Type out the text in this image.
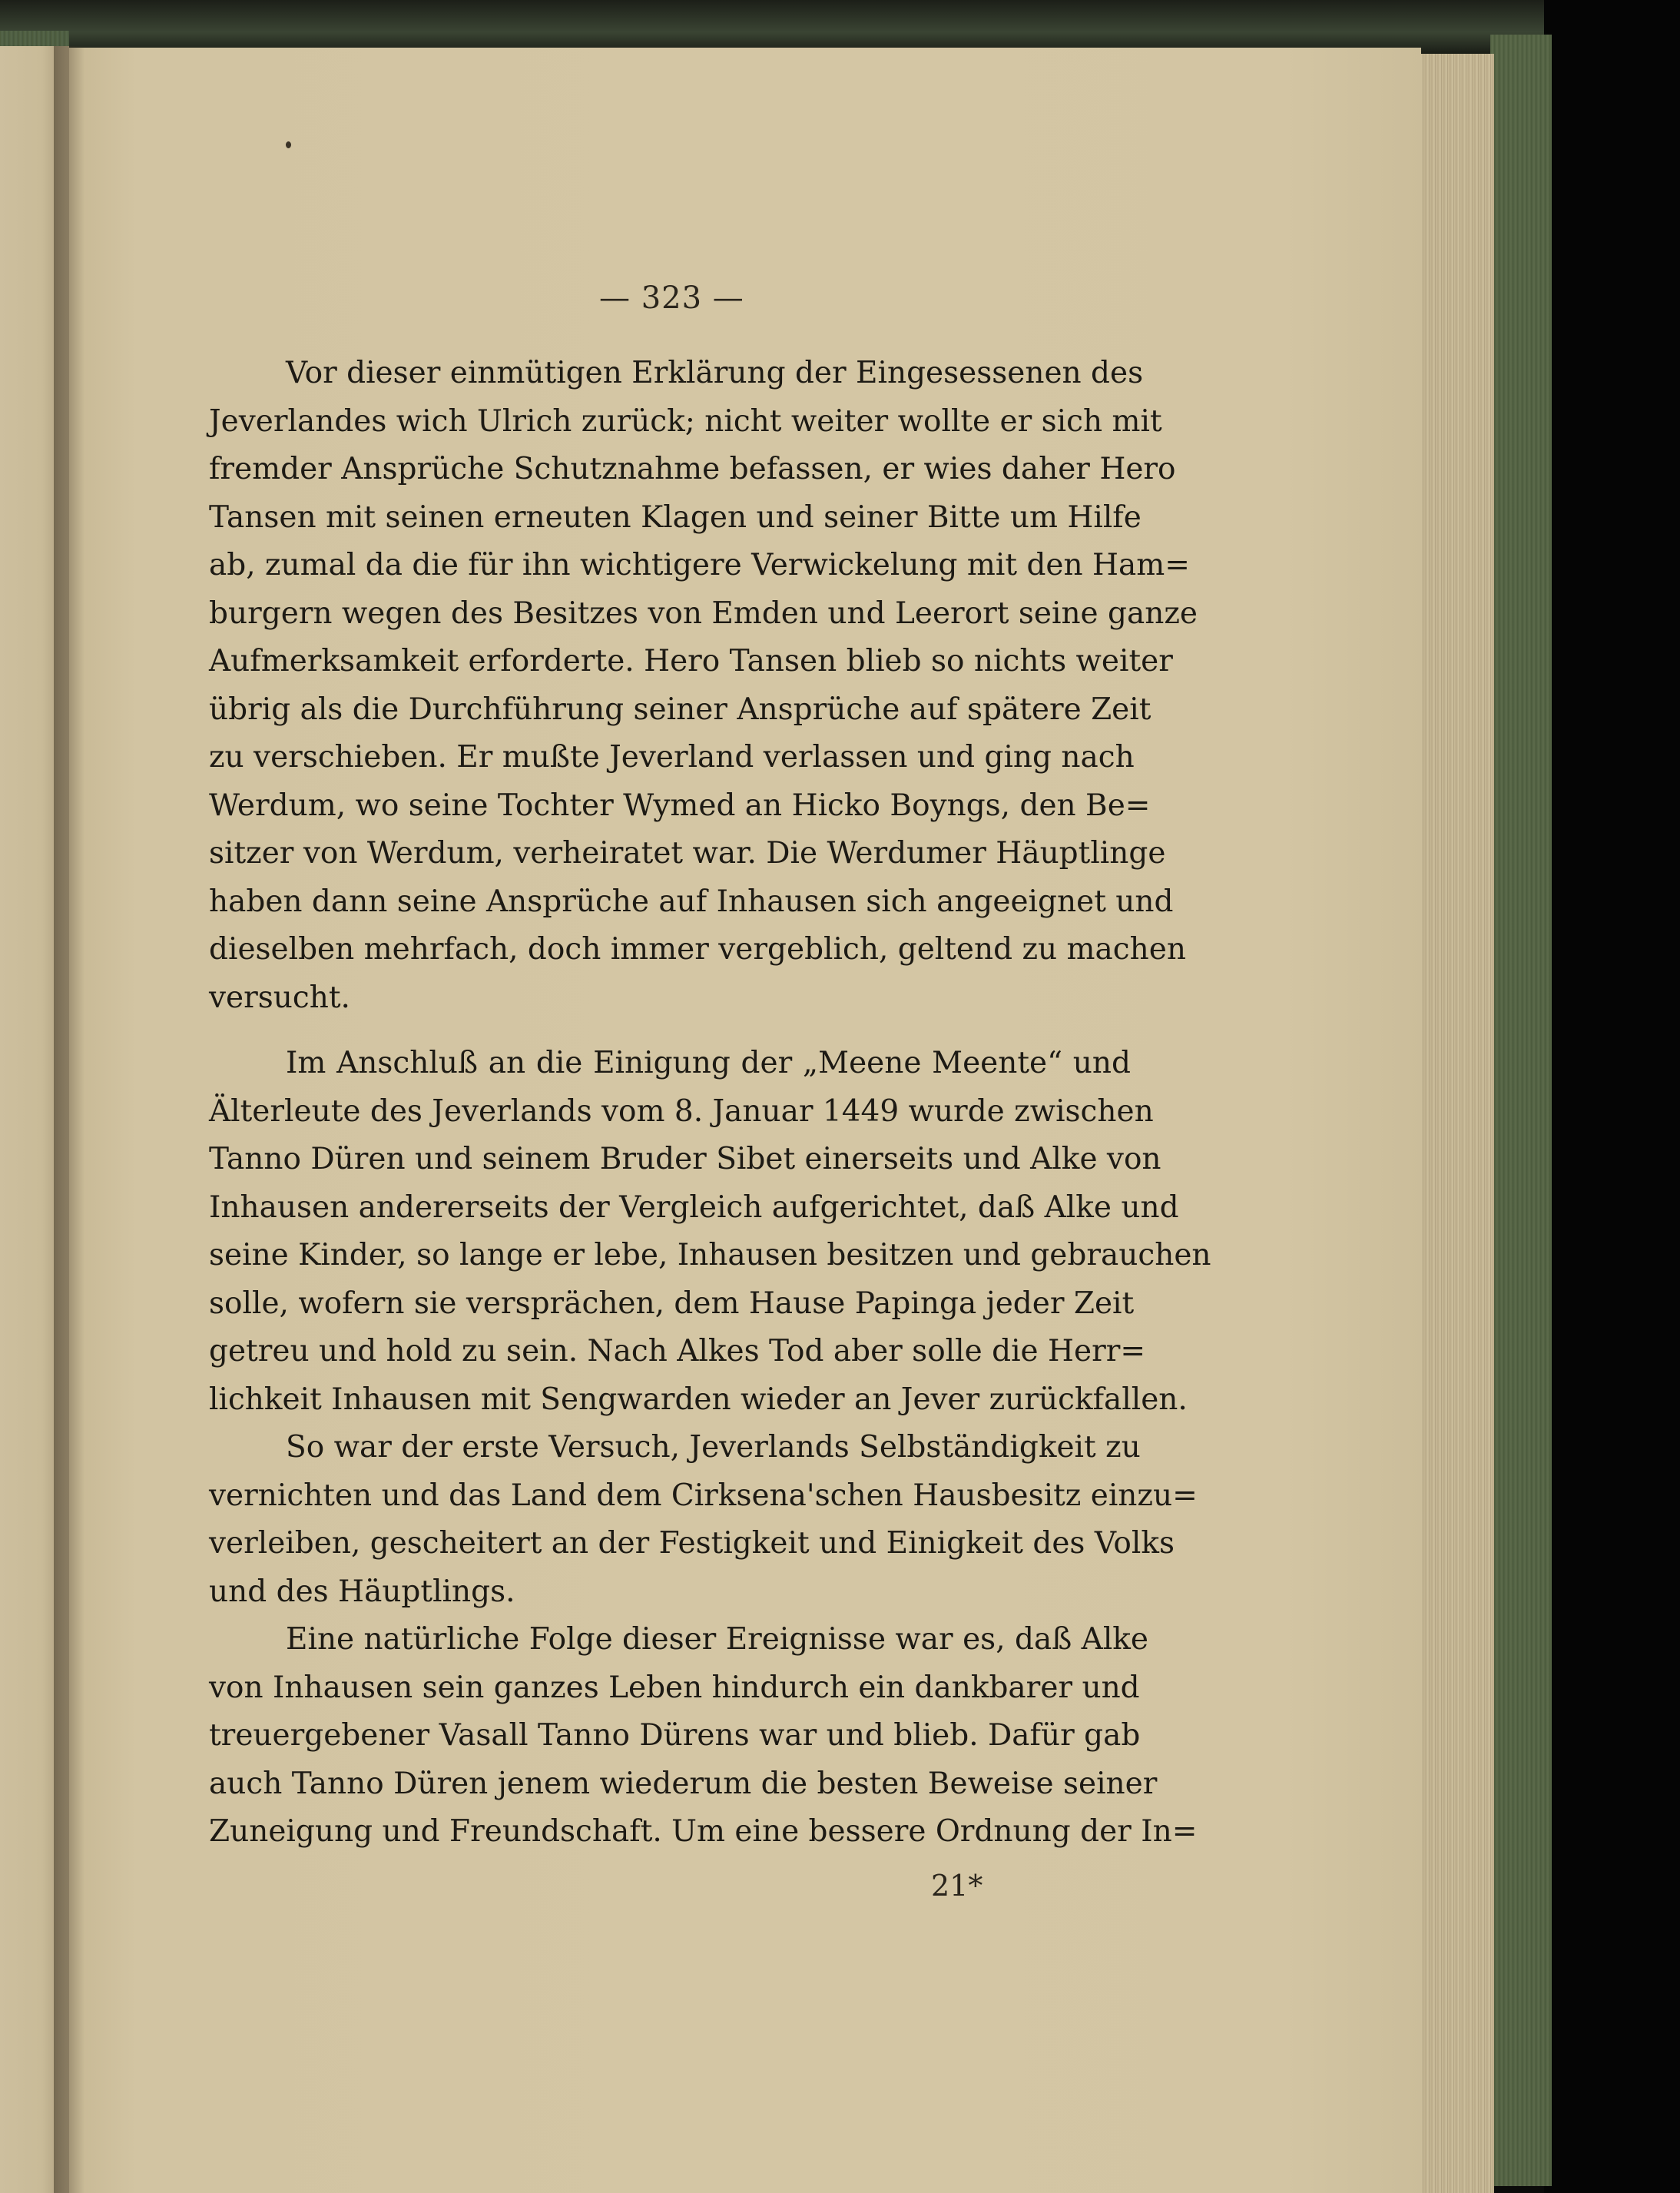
— 323 —
Vor dieser einmütigen Erklärung der Eingesessenen des
Jeverlandes wich Ulrich zurück; nicht weiter wollte er sich mit
fremder Ansprüche Schutznahme befassen, er wies daher Hero
Tansen mit seinen erneuten Klagen und seiner Bitte um Hilfe
ab, zumal da die für ihn wichtigere Verwickelung mit den Ham=
burgern wegen des Besitzes von Emden und Leerort seine ganze
Aufmerksamkeit erforderte. Hero Tansen blieb so nichts weiter
übrig als die Durchführung seiner Ansprüche auf spätere Zeit
zu verschieben. Er mußte Jeverland verlassen und ging nach
Werdum, wo seine Tochter Wymed an Hicko Boyngs, den Be=
sitzer von Werdum, verheiratet war. Die Werdumer Häuptlinge
haben dann seine Ansprüche auf Inhausen sich angeeignet und
dieselben mehrfach, doch immer vergeblich, geltend zu machen
versucht.
Im Anschluß an die Einigung der „Meene Meente“ und
Älterleute des Jeverlands vom 8. Januar 1449 wurde zwischen
Tanno Düren und seinem Bruder Sibet einerseits und Alke von
Inhausen andererseits der Vergleich aufgerichtet, daß Alke und
seine Kinder, so lange er lebe, Inhausen besitzen und gebrauchen
solle, wofern sie versprächen, dem Hause Papinga jeder Zeit
getreu und hold zu sein. Nach Alkes Tod aber solle die Herr=
lichkeit Inhausen mit Sengwarden wieder an Jever zurückfallen.
So war der erste Versuch, Jeverlands Selbständigkeit zu
vernichten und das Land dem Cirksena'schen Hausbesitz einzu=
verleiben, gescheitert an der Festigkeit und Einigkeit des Volks
und des Häuptlings.
Eine natürliche Folge dieser Ereignisse war es, daß Alke
von Inhausen sein ganzes Leben hindurch ein dankbarer und
treuergebener Vasall Tanno Dürens war und blieb. Dafür gab
auch Tanno Düren jenem wiederum die besten Beweise seiner
Zuneigung und Freundschaft. Um eine bessere Ordnung der In=
21*
